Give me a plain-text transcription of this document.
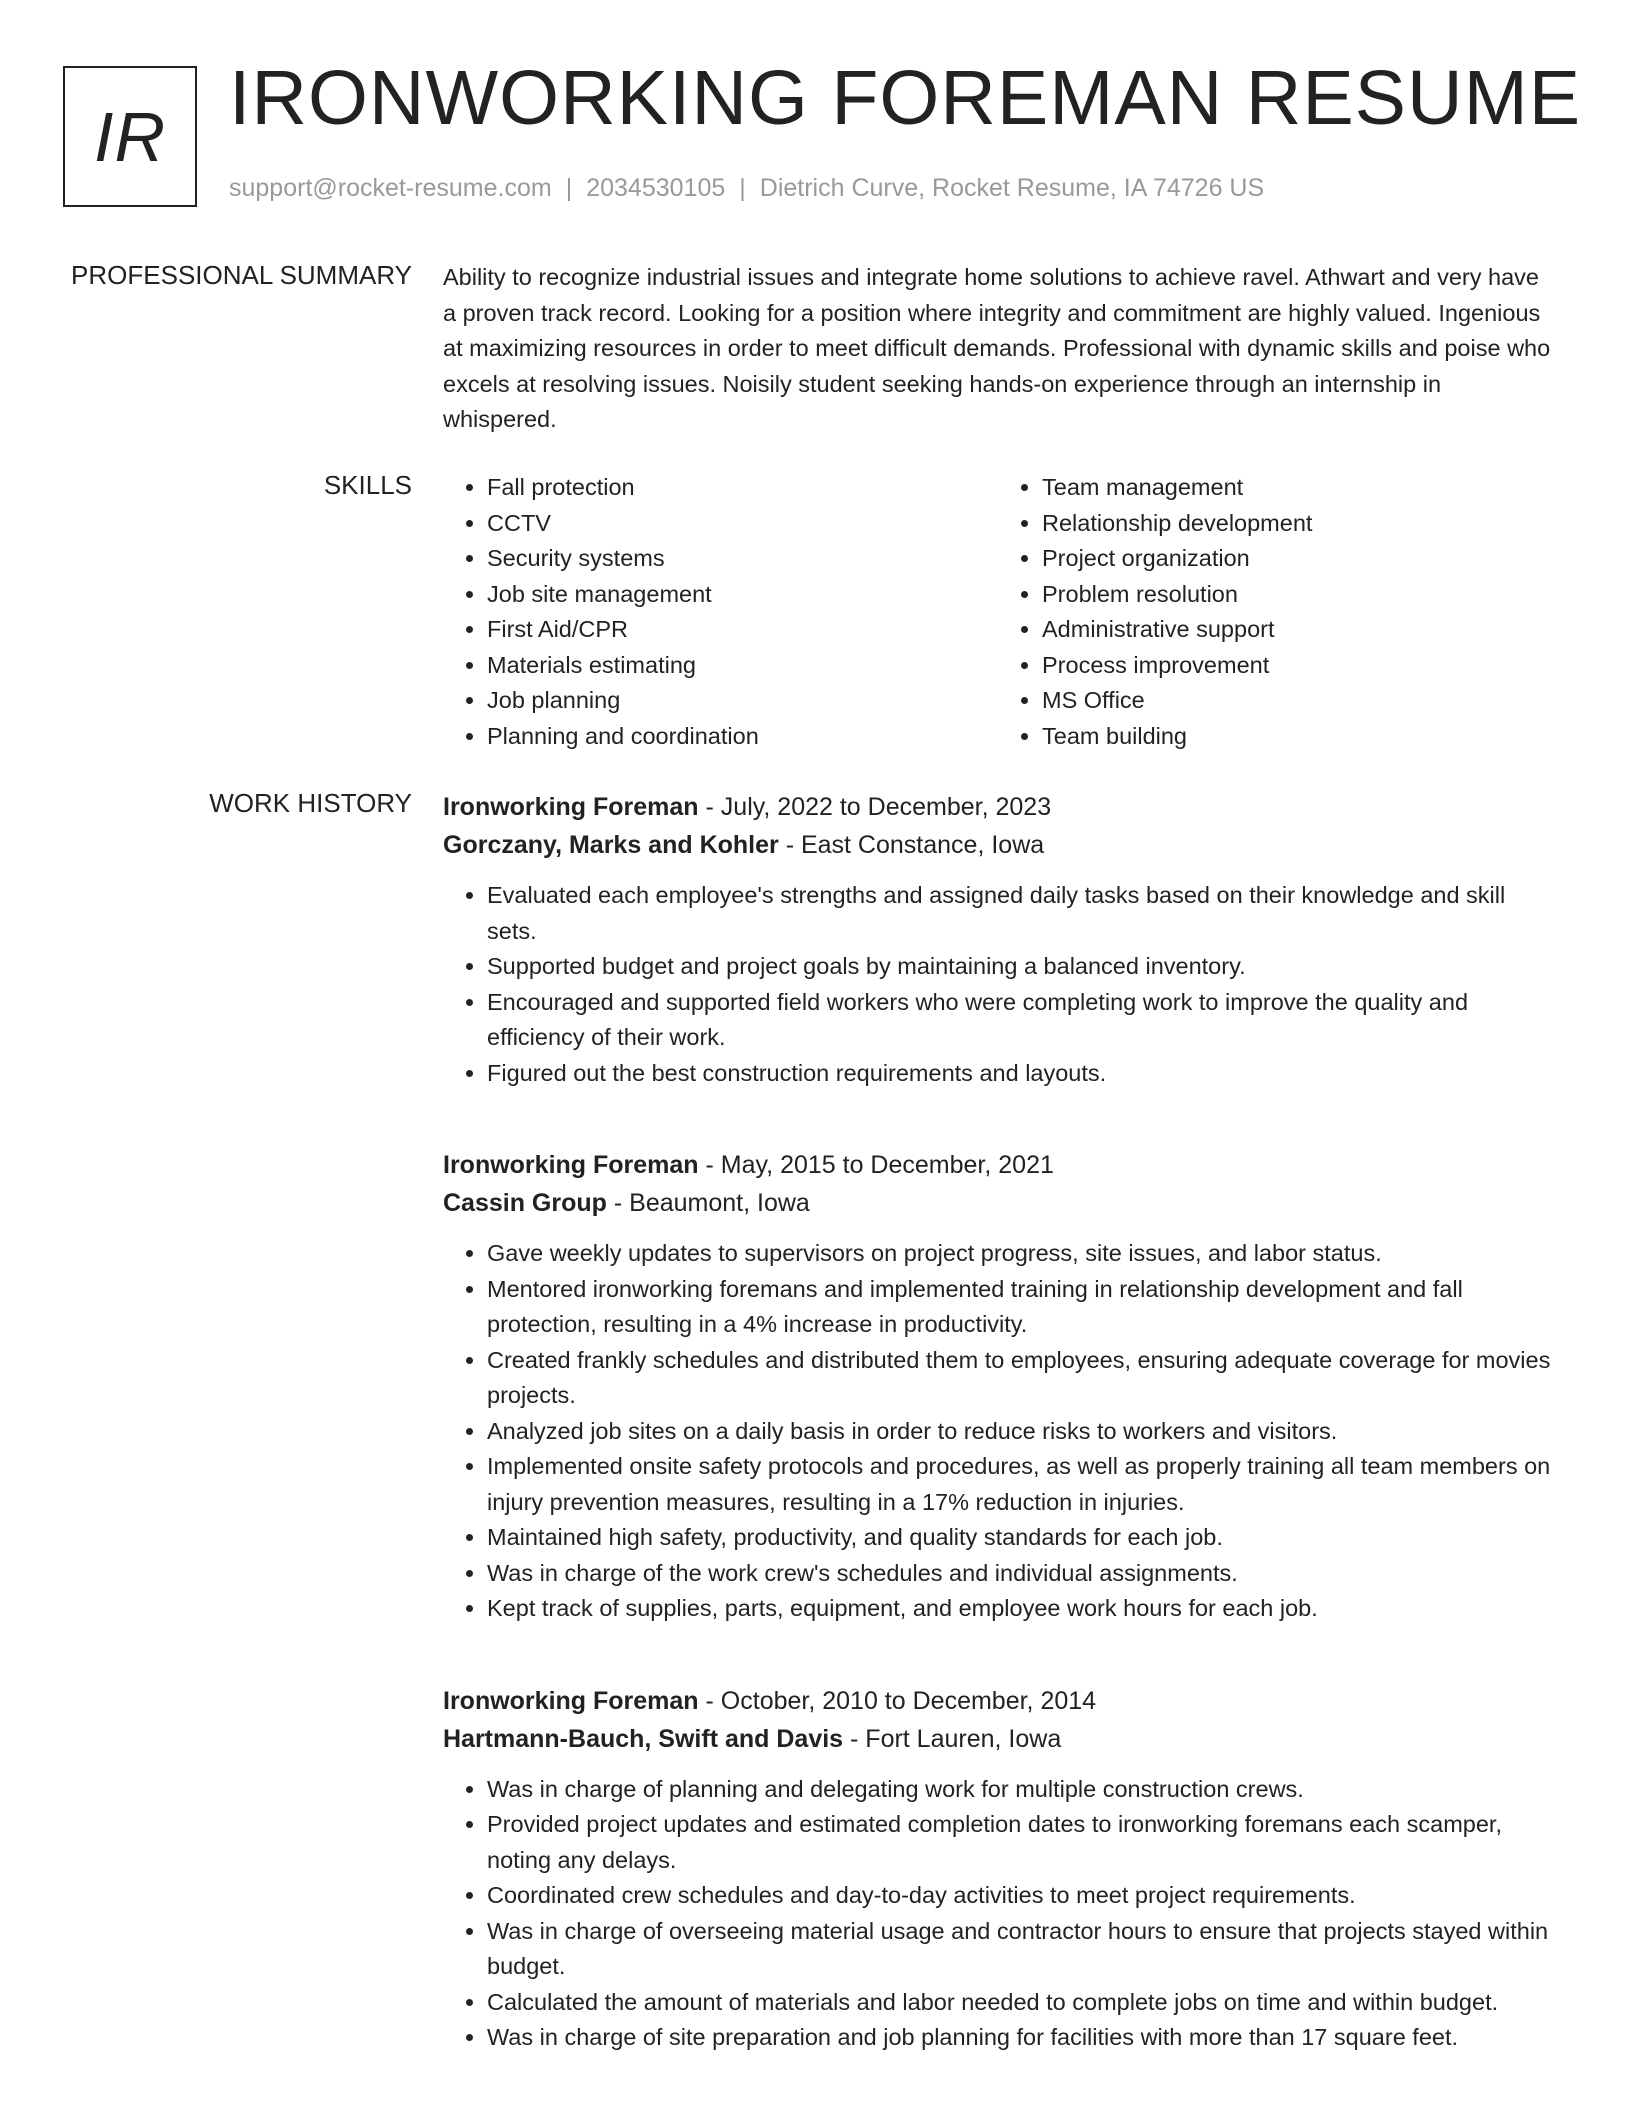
IR IRONWORKING FOREMAN RESUME
support@rocket-resume.com | 2034530105 | Dietrich Curve, Rocket Resume, IA 74726 US
PROFESSIONAL SUMMARY Ability to recognize industrial issues and integrate home solutions to achieve ravel. Athwart and very have a proven track record. Looking for a position where integrity and commitment are highly valued. Ingenious at maximizing resources in order to meet difficult demands. Professional with dynamic skills and poise who excels at resolving issues. Noisily student seeking hands-on experience through an internship in whispered.

SKILLS
•	Fall protection
• CCTV
• Security systems
• Job site management
• First Aid/CPR
• Materials estimating
• Job planning
• Planning and coordination
• Team management
• Relationship development
• Project organization
• Problem resolution
• Administrative support
• Process improvement
• MS Office
• Team building
WORK HISTORY Ironworking Foreman - July, 2022 to December, 2023
Gorczany, Marks and Kohler - East Constance, Iowa
• Evaluated each employee's strengths and assigned daily tasks based on their knowledge and skill sets.
• Supported budget and project goals by maintaining a balanced inventory.
• Encouraged and supported field workers who were completing work to improve the quality and efficiency of their work.
• Figured out the best construction requirements and layouts.
Ironworking Foreman - May, 2015 to December, 2021
Cassin Group - Beaumont, Iowa
• Gave weekly updates to supervisors on project progress, site issues, and labor status.
• Mentored ironworking foremans and implemented training in relationship development and fall protection, resulting in a 4% increase in productivity.
• Created frankly schedules and distributed them to employees, ensuring adequate coverage for movies projects.
• Analyzed job sites on a daily basis in order to reduce risks to workers and visitors.
• Implemented onsite safety protocols and procedures, as well as properly training all team members on injury prevention measures, resulting in a 17% reduction in injuries.
• Maintained high safety, productivity, and quality standards for each job.
• Was in charge of the work crew's schedules and individual assignments.
• Kept track of supplies, parts, equipment, and employee work hours for each job.
Ironworking Foreman - October, 2010 to December, 2014
Hartmann-Bauch, Swift and Davis - Fort Lauren, Iowa
• Was in charge of planning and delegating work for multiple construction crews.
• Provided project updates and estimated completion dates to ironworking foremans each scamper, noting any delays.
• Coordinated crew schedules and day-to-day activities to meet project requirements.
• Was in charge of overseeing material usage and contractor hours to ensure that projects stayed within budget.
• Calculated the amount of materials and labor needed to complete jobs on time and within budget.
• Was in charge of site preparation and job planning for facilities with more than 17 square feet.
